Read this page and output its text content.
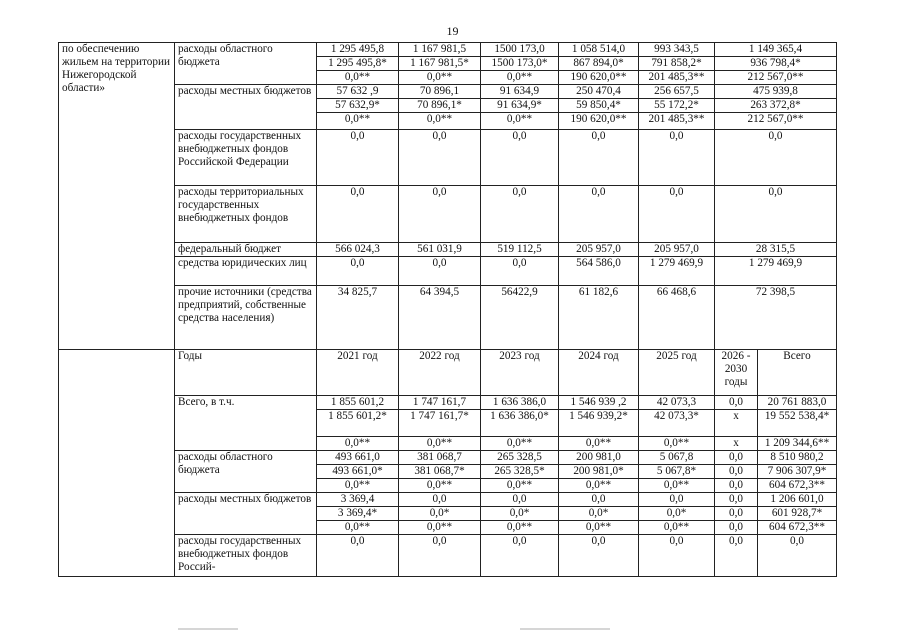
19
по обеспечению жильем на территории Нижегородской области»	расходы областного бюджета	1 295 495,8	1 167 981,5	1500 173,0	1 058 514,0	993 343,5	1 149 365,4	
		1 295 495,8*	1 167 981,5*	1500 173,0*	867 894,0*	791 858,2*	936 798,4*	
		0,0**	0,0**	0,0**	190 620,0**	201 485,3**	212 567,0**	
	расходы местных бюджетов	57 632 ,9	70 896,1	91 634,9	250 470,4	256 657,5	475 939,8	
		57 632,9*	70 896,1*	91 634,9*	59 850,4*	55 172,2*	263 372,8*	
		0,0**	0,0**	0,0**	190 620,0**	201 485,3**	212 567,0**	
	расходы государственных внебюджетных фондов Российской Федерации	0,0	0,0	0,0	0,0	0,0	0,0	
	расходы территориальных государственных внебюджетных фондов	0,0	0,0	0,0	0,0	0,0	0,0	
	федеральный бюджет	566 024,3	561 031,9	519 112,5	205 957,0	205 957,0	28 315,5	
	средства юридических лиц	0,0	0,0	0,0	564 586,0	1 279 469,9	1 279 469,9	
	прочие источники (средства предприятий, собственные средства населения)	34 825,7	64 394,5	56422,9	61 182,6	66 468,6	72 398,5	
	Годы	2021 год	2022 год	2023 год	2024 год	2025 год	2026 - 2030 годы	Всего
	Всего, в т.ч.	1 855 601,2	1 747 161,7	1 636 386,0	1 546 939 ,2	42 073,3	0,0	20 761 883,0
		1 855 601,2*	1 747 161,7*	1 636 386,0*	1 546 939,2*	42 073,3*	х	19 552 538,4*
		0,0**	0,0**	0,0**	0,0**	0,0**	х	1 209 344,6**
	расходы областного бюджета	493 661,0	381 068,7	265 328,5	200 981,0	5 067,8	0,0	8 510 980,2
		493 661,0*	381 068,7*	265 328,5*	200 981,0*	5 067,8*	0,0	7 906 307,9*
		0,0**	0,0**	0,0**	0,0**	0,0**	0,0	604 672,3**
	расходы местных бюджетов	3 369,4	0,0	0,0	0,0	0,0	0,0	1 206 601,0
		3 369,4*	0,0*	0,0*	0,0*	0,0*	0,0	601 928,7*
		0,0**	0,0**	0,0**	0,0**	0,0**	0,0	604 672,3**
	расходы государственных внебюджетных фондов Россий-	0,0	0,0	0,0	0,0	0,0	0,0	0,0
